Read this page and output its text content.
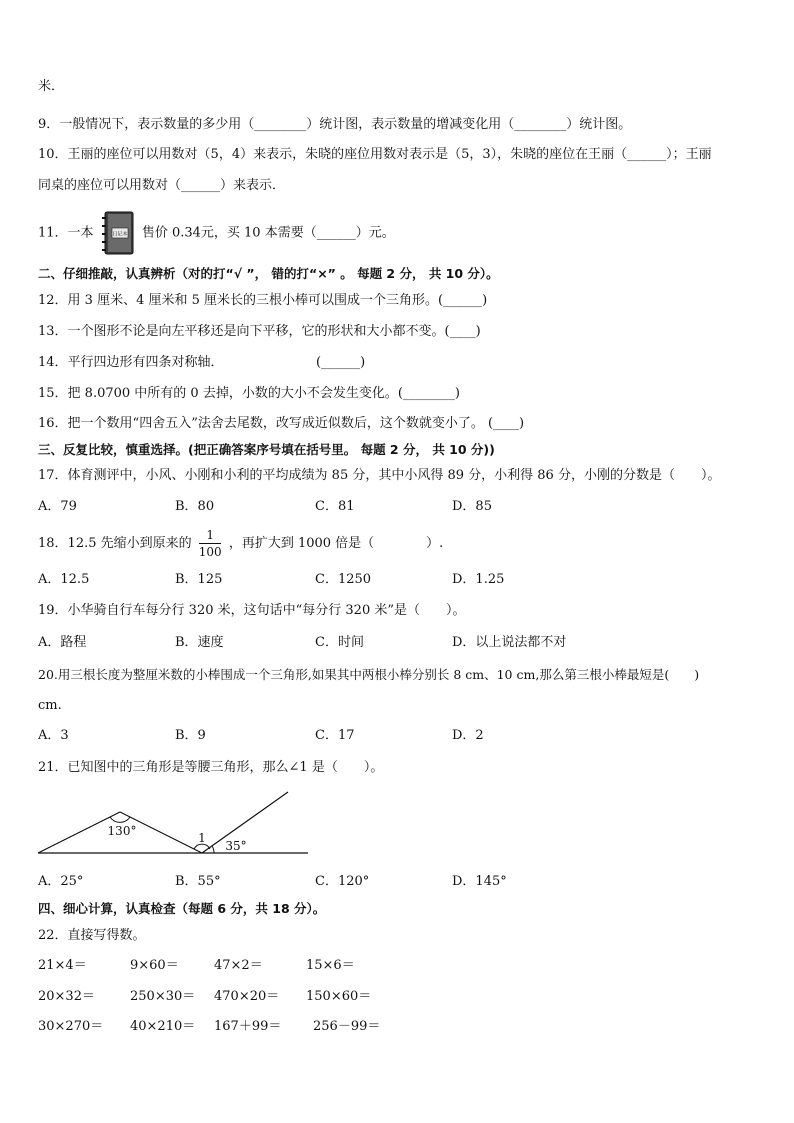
米．
9．一般情况下，表示数量的多少用（________）统计图，表示数量的增减变化用（________）统计图。
10．王丽的座位可以用数对（5，4）来表示，朱晓的座位用数对表示是（5，3），朱晓的座位在王丽（______）；王丽
同桌的座位可以用数对（______）来表示．
11．一本	日记本 售价 0.34元，买 10 本需要（______）元。
二、仔细推敲，认真辨析（对的打“√ ”， 错的打“×” 。 每题 2 分， 共 10 分）。
12．用 3 厘米、4 厘米和 5 厘米长的三根小棒可以围成一个三角形。(______)
13．一个图形不论是向左平移还是向下平移，它的形状和大小都不变。(____)
14．平行四边形有四条对称轴．	(______)
15．把 8.0700 中所有的 0 去掉，小数的大小不会发生变化。(________)
16．把一个数用“四舍五入”法舍去尾数，改写成近似数后，这个数就变小了。 (____)
三、反复比较，慎重选择。(把正确答案序号填在括号里。 每题 2 分， 共 10 分))
17．体育测评中，小风、小刚和小利的平均成绩为 85 分，其中小风得 89 分，小利得 86 分，小刚的分数是（　　）。
A．79	B．80	C．81	D．85
18．12.5 先缩小到原来的 $\frac{1}{100}$ ，再扩大到 1000 倍是（　　　　）.
A．12.5	B．125	C．1250	D．1.25
19．小华骑自行车每分行 320 米，这句话中“每分行 320 米”是（　　）。
A．路程	B．速度	C．时间	D．以上说法都不对
20.用三根长度为整厘米数的小棒围成一个三角形,如果其中两根小棒分别长 8 cm、10 cm,那么第三根小棒最短是(　　)
cm.
A．3	B．9	C．17	D．2
21．已知图中的三角形是等腰三角形，那么∠1 是（　　）。
130°	1
35°
A．25°	B．55°	C．120°	D．145°
四、细心计算，认真检查（每题 6 分，共 18 分）。
22．直接写得数。
21×4＝	9×60＝	47×2＝	15×6＝
20×32＝	250×30＝ 470×20＝ 150×60＝
30×270＝ 40×210＝ 167＋99＝ 256－99＝
